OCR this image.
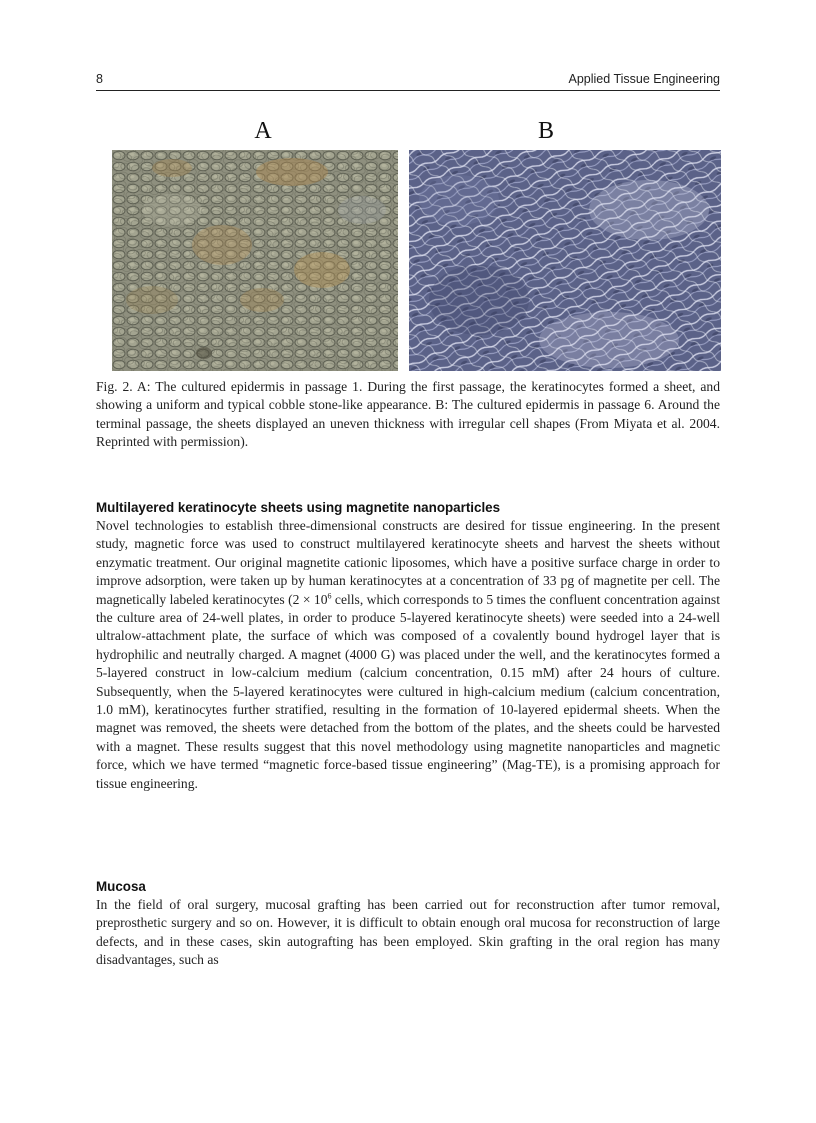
8	Applied Tissue Engineering
A	B

Fig. 2. A: The cultured epidermis in passage 1. During the first passage, the keratinocytes formed a sheet, and showing a uniform and typical cobble stone-like appearance. B: The cultured epidermis in passage 6. Around the terminal passage, the sheets displayed an uneven thickness with irregular cell shapes (From Miyata et al. 2004. Reprinted with permission).

Multilayered keratinocyte sheets using magnetite nanoparticles

Novel technologies to establish three-dimensional constructs are desired for tissue engineering. In the present study, magnetic force was used to construct multilayered keratinocyte sheets and harvest the sheets without enzymatic treatment. Our original magnetite cationic liposomes, which have a positive surface charge in order to improve adsorption, were taken up by human keratinocytes at a concentration of 33 pg of magnetite per cell. The magnetically labeled keratinocytes ($2 \times 10^6$ cells, which corresponds to 5 times the confluent concentration against the culture area of 24-well plates, in order to produce 5-layered keratinocyte sheets) were seeded into a 24-well ultralow-attachment plate, the surface of which was composed of a covalently bound hydrogel layer that is hydrophilic and neutrally charged. A magnet (4000 G) was placed under the well, and the keratinocytes formed a 5-layered construct in low-calcium medium (calcium concentration, 0.15 mM) after 24 hours of culture. Subsequently, when the 5-layered keratinocytes were cultured in high-calcium medium (calcium concentration, 1.0 mM), keratinocytes further stratified, resulting in the formation of 10-layered epidermal sheets. When the magnet was removed, the sheets were detached from the bottom of the plates, and the sheets could be harvested with a magnet. These results suggest that this novel methodology using magnetite nanoparticles and magnetic force, which we have termed “magnetic force-based tissue engineering” (Mag-TE), is a promising approach for tissue engineering.

Mucosa

In the field of oral surgery, mucosal grafting has been carried out for reconstruction after tumor removal, preprosthetic surgery and so on. However, it is difficult to obtain enough oral mucosa for reconstruction of large defects, and in these cases, skin autografting has been employed. Skin grafting in the oral region has many disadvantages, such as
